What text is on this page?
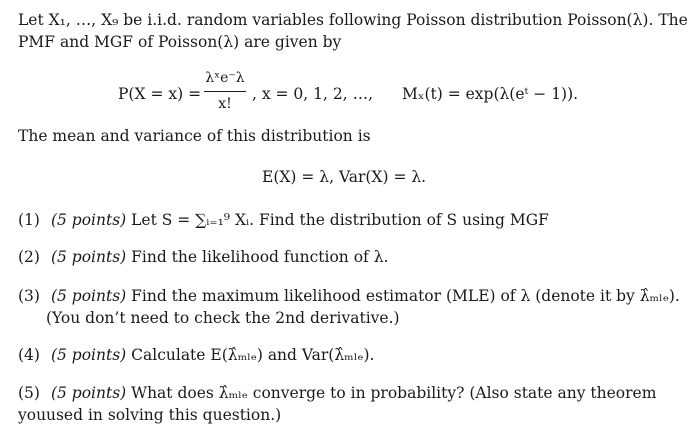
Let X₁, …, X₉ be i.i.d. random variables following Poisson distribution Poisson(λ). The
PMF and MGF of Poisson(λ) are given by
P(X = x) =
λˣe⁻λ
x!
, x = 0, 1, 2, …, Mₓ(t) = exp(λ(eᵗ − 1)).
The mean and variance of this distribution is
E(X) = λ, Var(X) = λ.
(1) (5 points) Let S = ∑ᵢ₌₁⁹ Xᵢ. Find the distribution of S using MGF
(2) (5 points) Find the likelihood function of λ.
(3) (5 points) Find the maximum likelihood estimator (MLE) of λ (denote it by λ̂ₘₗₑ).
(You don’t need to check the 2nd derivative.)
(4) (5 points) Calculate E(λ̂ₘₗₑ) and Var(λ̂ₘₗₑ).
(5) (5 points) What does λ̂ₘₗₑ converge to in probability? (Also state any theorem you used in solving this question.)
